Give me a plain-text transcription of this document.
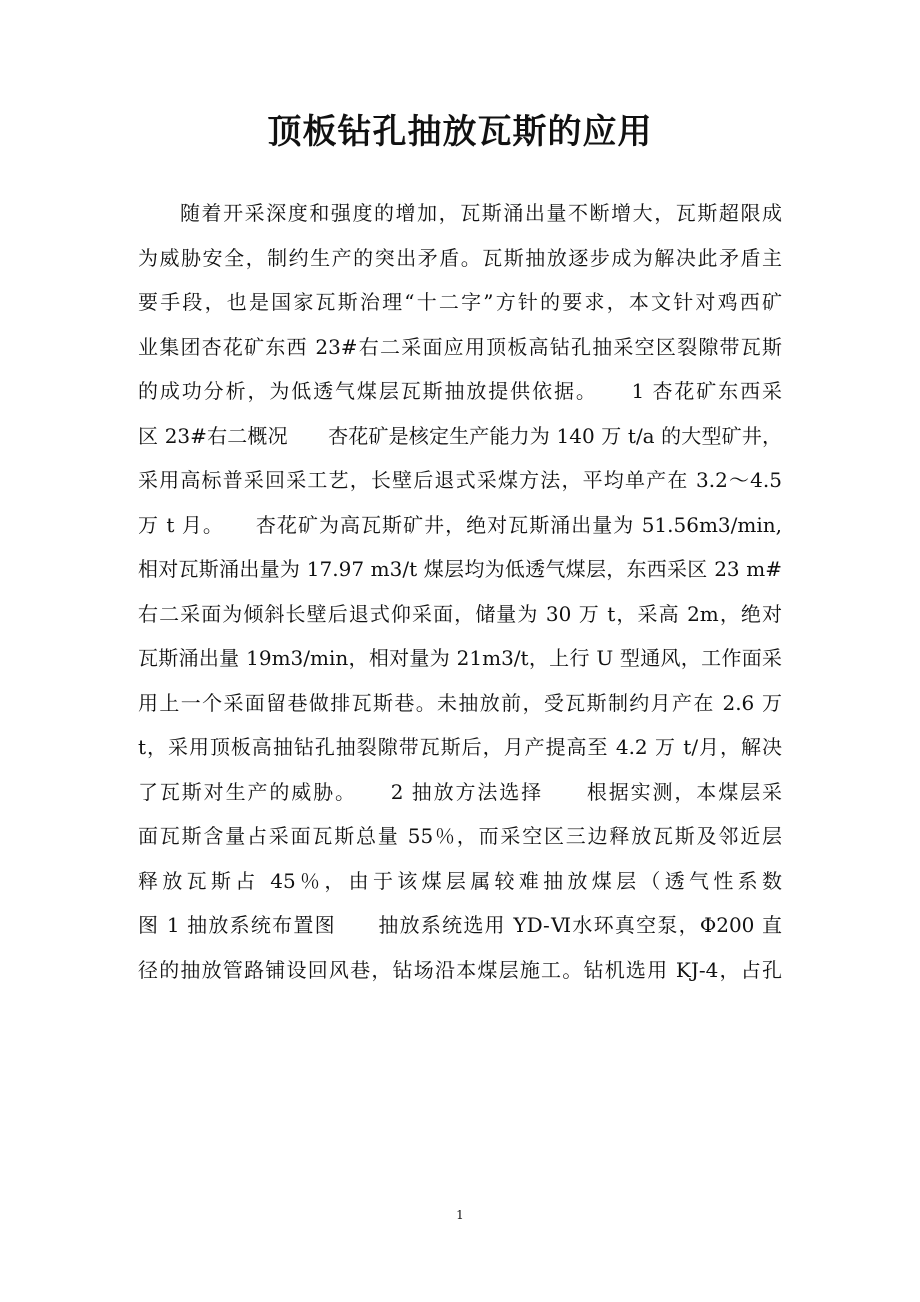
顶板钻孔抽放瓦斯的应用
随着开采深度和强度的增加，瓦斯涌出量不断增大，瓦斯超限成
为威胁安全，制约生产的突出矛盾。瓦斯抽放逐步成为解决此矛盾主
要手段，也是国家瓦斯治理“十二字”方针的要求，本文针对鸡西矿
业集团杏花矿东西 23#右二采面应用顶板高钻孔抽采空区裂隙带瓦斯
的成功分析，为低透气煤层瓦斯抽放提供依据。　　1 杏花矿东西采
区 23#右二概况　　杏花矿是核定生产能力为 140 万 t/a 的大型矿井，
采用高标普采回采工艺，长壁后退式采煤方法，平均单产在 3.2～4.5
万 t 月。　　杏花矿为高瓦斯矿井，绝对瓦斯涌出量为 51.56m3/min,
相对瓦斯涌出量为 17.97 m3/t 煤层均为低透气煤层，东西采区 23 m#
右二采面为倾斜长壁后退式仰采面，储量为 30 万 t，采高 2m，绝对
瓦斯涌出量 19m3/min，相对量为 21m3/t，上行 U 型通风，工作面采
用上一个采面留巷做排瓦斯巷。未抽放前，受瓦斯制约月产在 2.6 万
t，采用顶板高抽钻孔抽裂隙带瓦斯后，月产提高至 4.2 万 t/月，解决
了瓦斯对生产的威胁。　　2 抽放方法选择　　根据实测，本煤层采
面瓦斯含量占采面瓦斯总量 55％，而采空区三边释放瓦斯及邻近层
释放瓦斯占 45％，由于该煤层属较难抽放煤层（透气性系数
图 1 抽放系统布置图　　抽放系统选用 YD-Ⅵ水环真空泵，Φ200 直
径的抽放管路铺设回风巷，钻场沿本煤层施工。钻机选用 KJ-4，占孔
1
